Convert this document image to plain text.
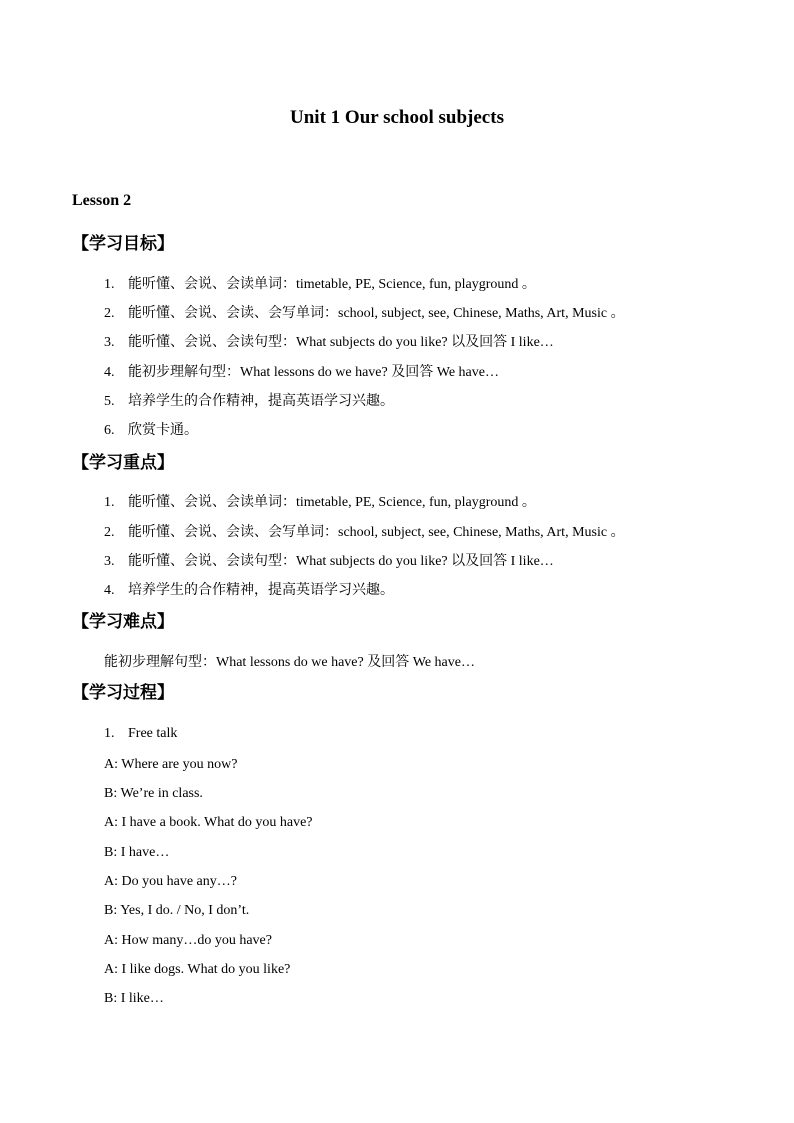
Unit 1 Our school subjects
Lesson 2
【学习目标】
1. 能听懂、会说、会读单词：timetable, PE, Science, fun, playground 。
2. 能听懂、会说、会读、会写单词：school, subject, see, Chinese, Maths, Art, Music 。
3. 能听懂、会说、会读句型：What subjects do you like? 以及回答 I like…
4. 能初步理解句型：What lessons do we have? 及回答 We have…
5. 培养学生的合作精神，提高英语学习兴趣。
6. 欣赏卡通。
【学习重点】
1. 能听懂、会说、会读单词：timetable, PE, Science, fun, playground 。
2. 能听懂、会说、会读、会写单词：school, subject, see, Chinese, Maths, Art, Music 。
3. 能听懂、会说、会读句型：What subjects do you like? 以及回答 I like…
4. 培养学生的合作精神，提高英语学习兴趣。
【学习难点】
能初步理解句型：What lessons do we have? 及回答 We have…
【学习过程】
1. Free talk
A: Where are you now?
B: We’re in class.
A: I have a book. What do you have?
B: I have…
A: Do you have any…?
B: Yes, I do. / No, I don’t.
A: How many…do you have?
A: I like dogs. What do you like?
B: I like…
